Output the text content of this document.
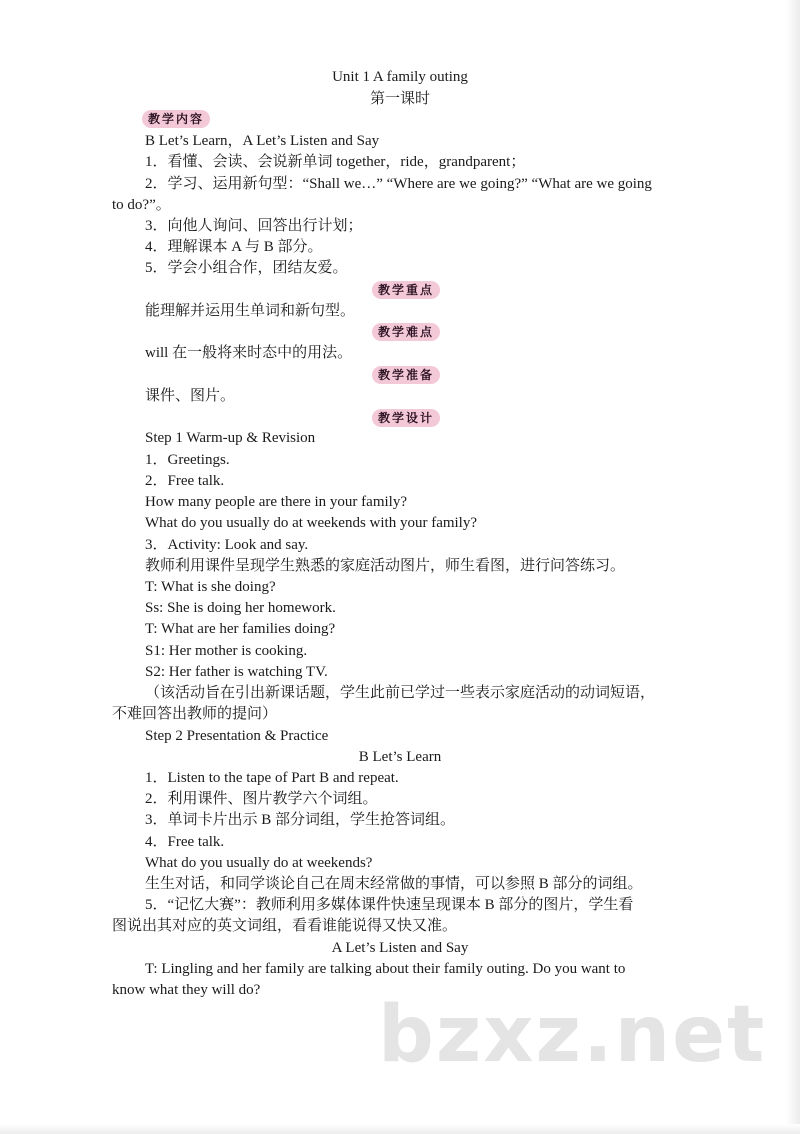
Unit 1 A family outing
第一课时
教学内容
B Let’s Learn，A Let’s Listen and Say
1．看懂、会读、会说新单词 together，ride，grandparent；
2．学习、运用新句型：“Shall we…” “Where are we going?” “What are we going
to do?”。
3．向他人询问、回答出行计划；
4．理解课本 A 与 B 部分。
5．学会小组合作，团结友爱。
教学重点
能理解并运用生单词和新句型。
教学难点
will 在一般将来时态中的用法。
教学准备
课件、图片。
教学设计
Step 1 Warm-up & Revision
1．Greetings.
2．Free talk.
How many people are there in your family?
What do you usually do at weekends with your family?
3．Activity: Look and say.
教师利用课件呈现学生熟悉的家庭活动图片，师生看图，进行问答练习。
T: What is she doing?
Ss: She is doing her homework.
T: What are her families doing?
S1: Her mother is cooking.
S2: Her father is watching TV.
（该活动旨在引出新课话题，学生此前已学过一些表示家庭活动的动词短语，
不难回答出教师的提问）
Step 2 Presentation & Practice
B Let’s Learn
1．Listen to the tape of Part B and repeat.
2．利用课件、图片教学六个词组。
3．单词卡片出示 B 部分词组，学生抢答词组。
4．Free talk.
What do you usually do at weekends?
生生对话，和同学谈论自己在周末经常做的事情，可以参照 B 部分的词组。
5．“记忆大赛”：教师利用多媒体课件快速呈现课本 B 部分的图片，学生看
图说出其对应的英文词组，看看谁能说得又快又准。
A Let’s Listen and Say
T: Lingling and her family are talking about their family outing. Do you want to
know what they will do? bzxz.net
